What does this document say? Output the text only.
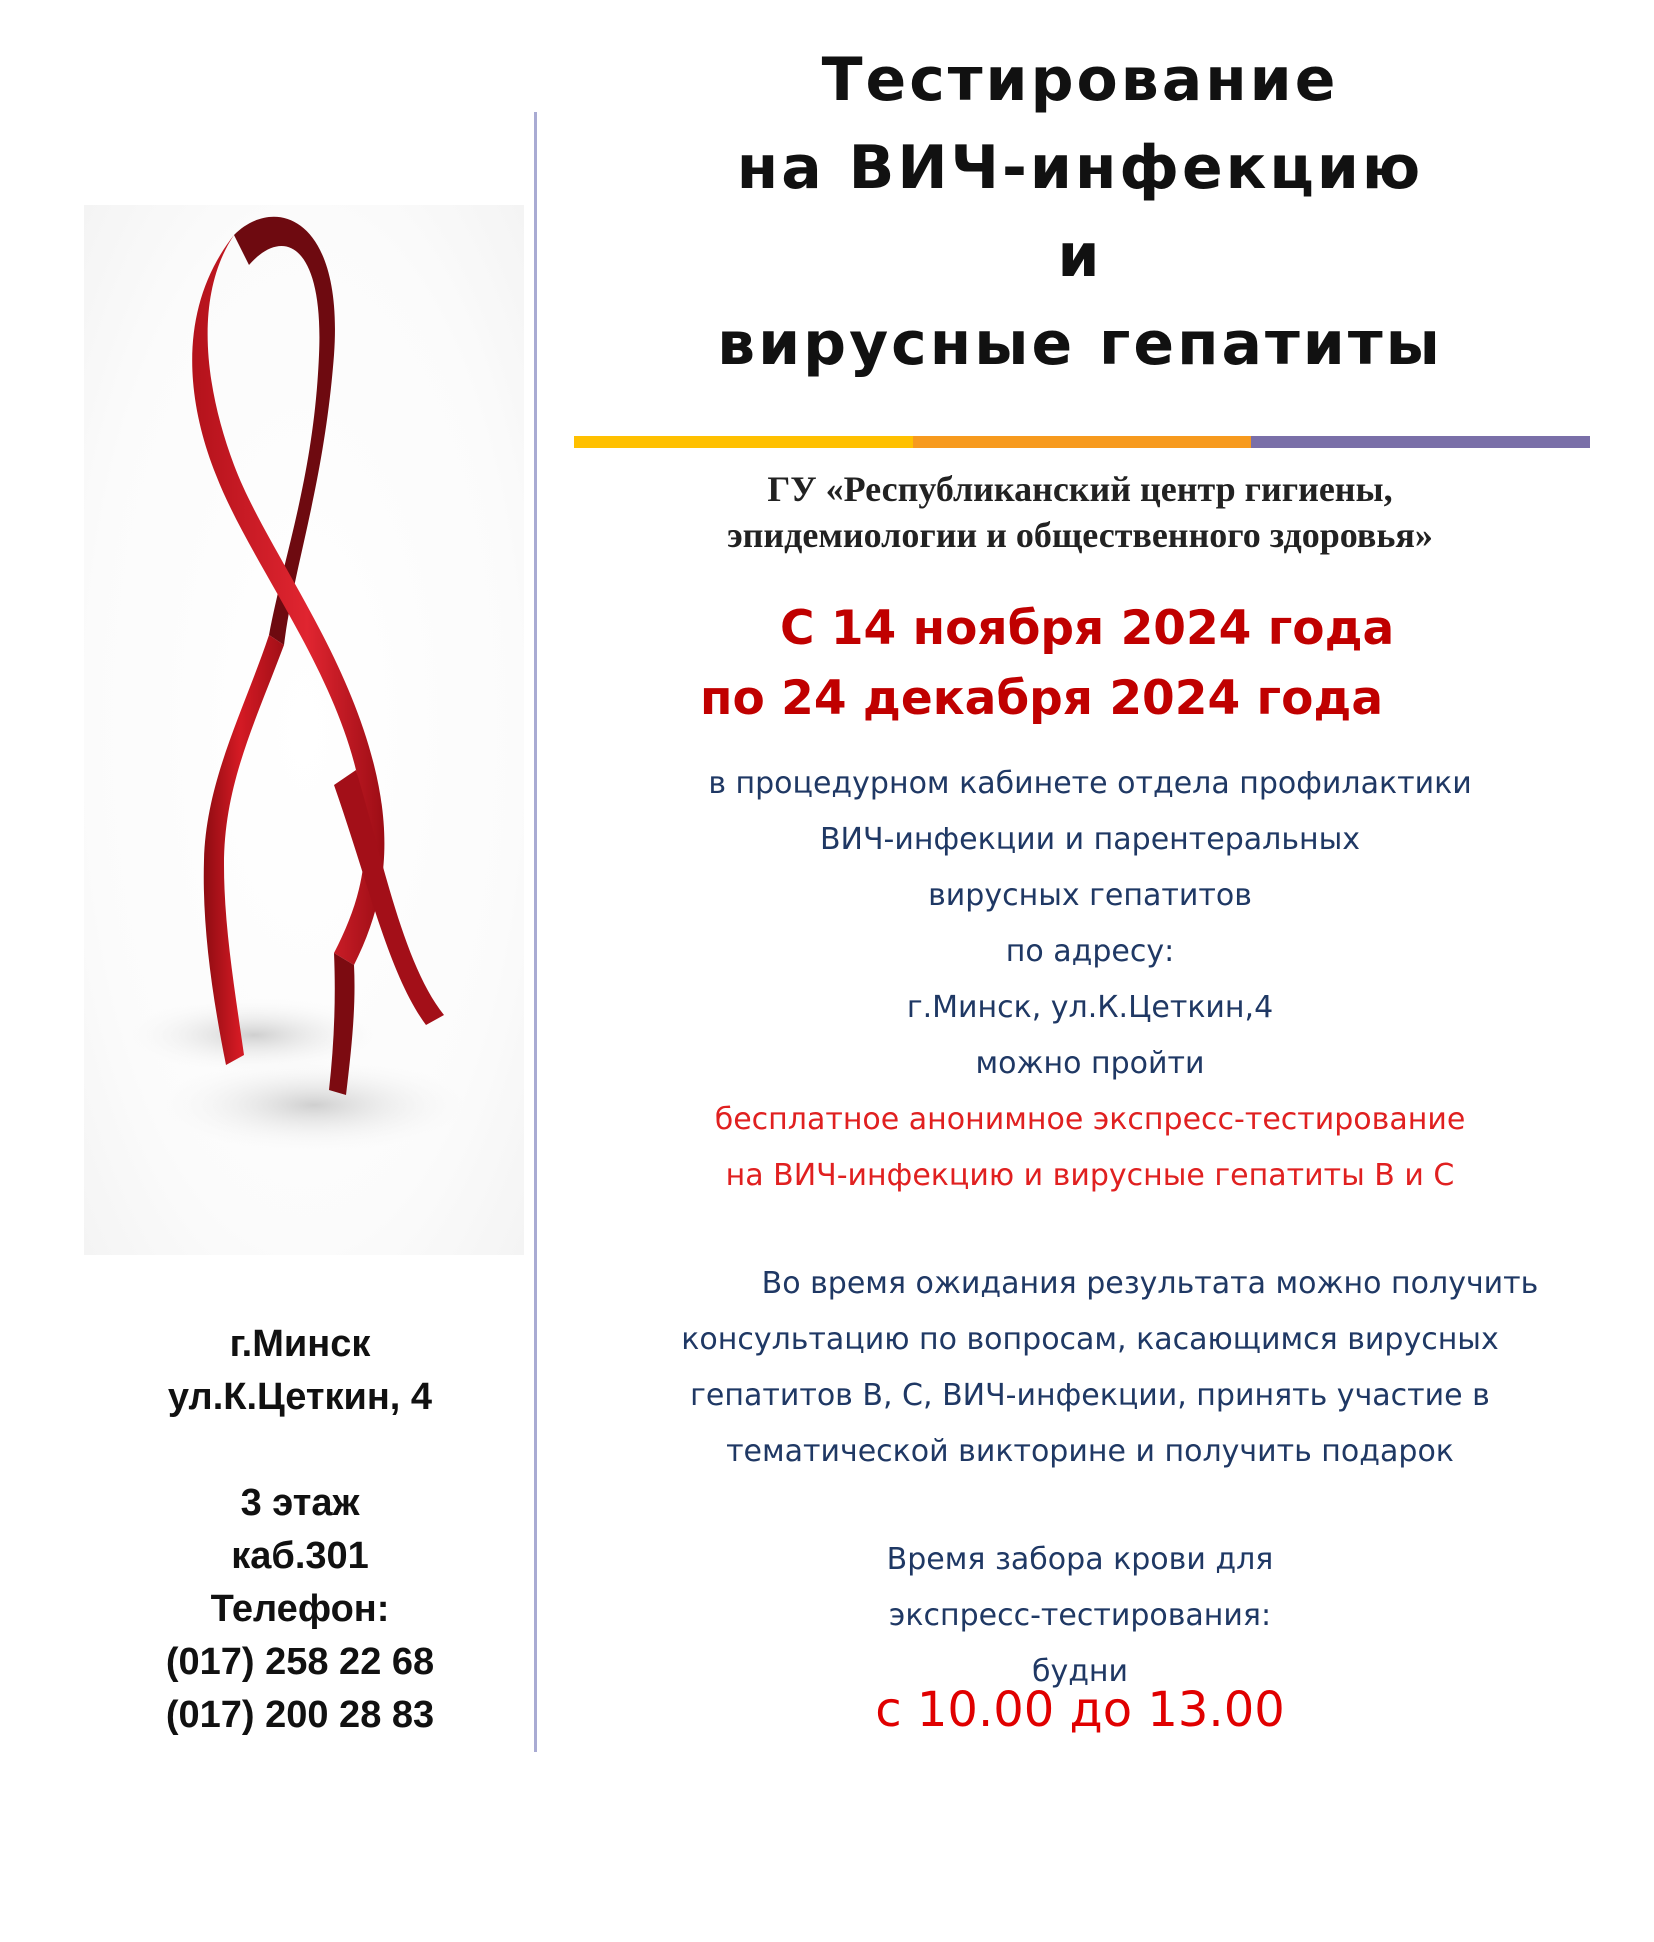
г.Минск
ул.К.Цеткин, 4
3 этаж
каб.301
Телефон:
(017) 258 22 68
(017) 200 28 83
Тестирование
на ВИЧ-инфекцию
и
вирусные гепатиты
ГУ «Республиканский центр гигиены,
эпидемиологии и общественного здоровья»
С 14 ноября 2024 года
по 24 декабря 2024 года
в процедурном кабинете отдела профилактики
ВИЧ-инфекции и парентеральных
вирусных гепатитов
по адресу:
г.Минск, ул.К.Цеткин,4
можно пройти
бесплатное анонимное экспресс-тестирование
на ВИЧ-инфекцию и вирусные гепатиты В и С
Во время ожидания результата можно получить
консультацию по вопросам, касающимся вирусных
гепатитов В, С, ВИЧ-инфекции, принять участие в
тематической викторине и получить подарок
Время забора крови для
экспресс-тестирования:
будни
с 10.00 до 13.00
